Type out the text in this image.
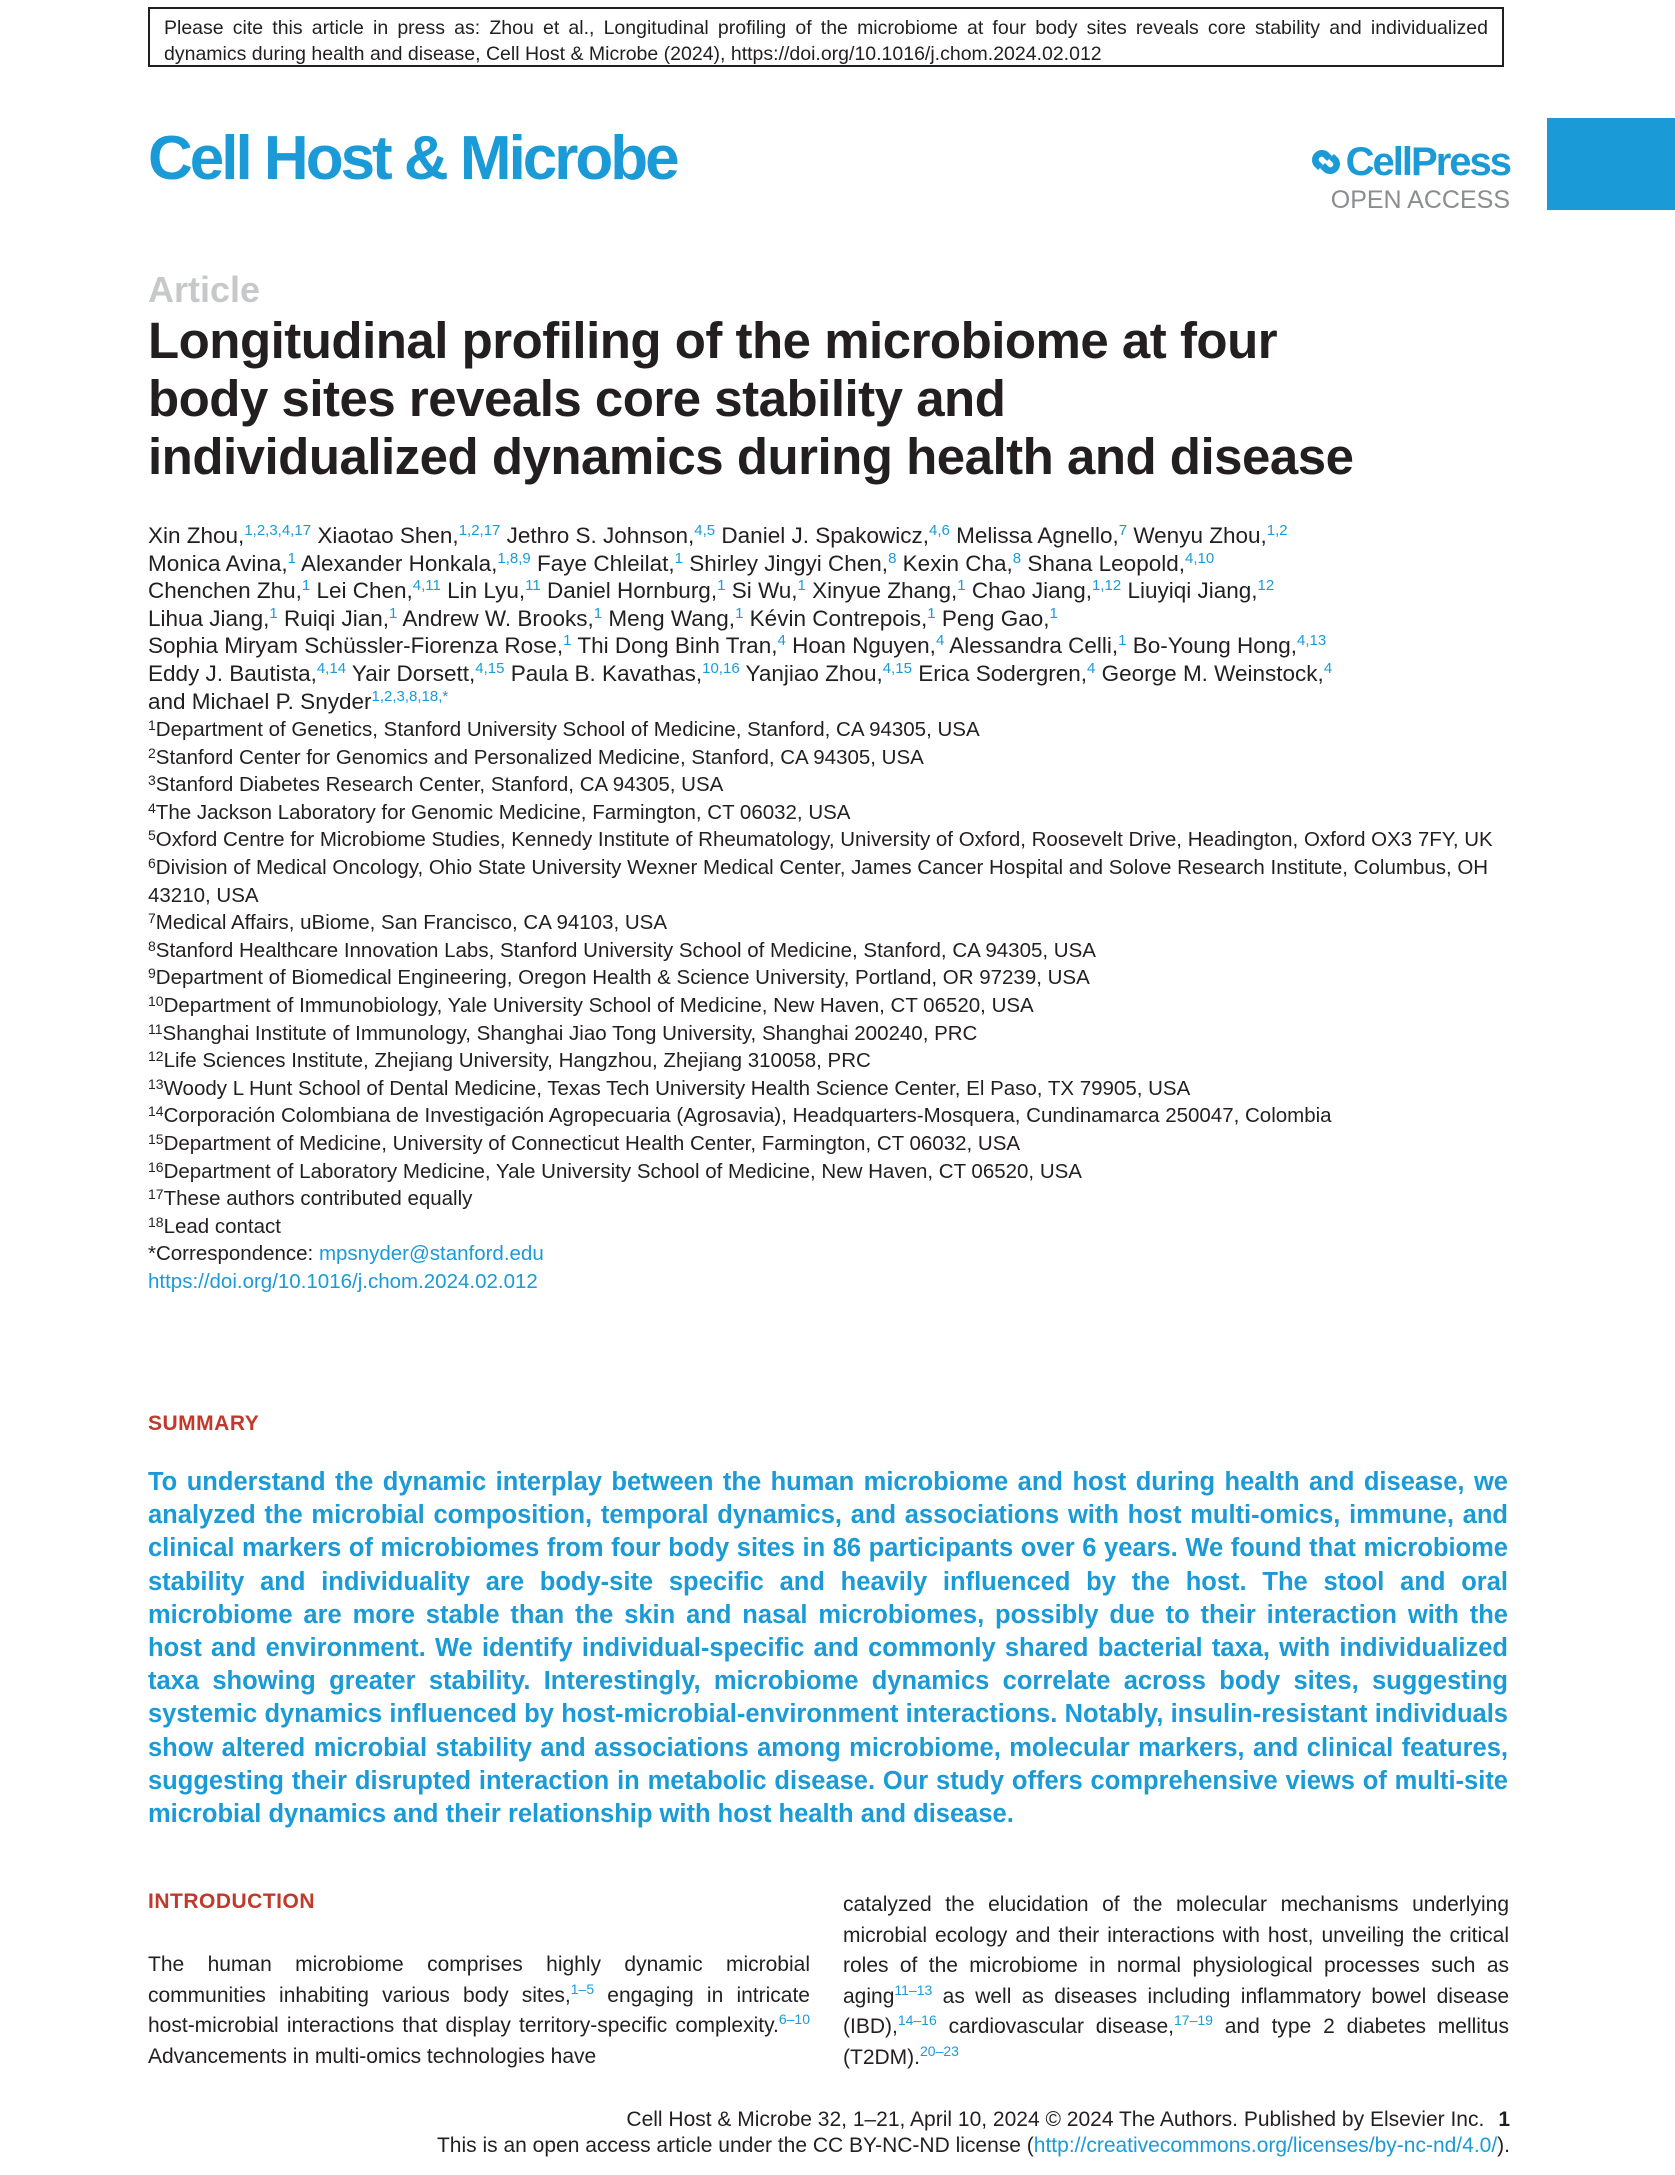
Please cite this article in press as: Zhou et al., Longitudinal profiling of the microbiome at four body sites reveals core stability and individualized dynamics during health and disease, Cell Host & Microbe (2024), https://doi.org/10.1016/j.chom.2024.02.012
Cell Host & Microbe	CellPress
OPEN ACCESS
Article
Longitudinal profiling of the microbiome at four
body sites reveals core stability and
individualized dynamics during health and disease
Xin Zhou,$^{1,2,3,4,17}$ Xiaotao Shen,$^{1,2,17}$ Jethro S. Johnson,$^{4,5}$ Daniel J. Spakowicz,$^{4,6}$ Melissa Agnello,$^7$ Wenyu Zhou,$^{1,2}$
Monica Avina,$^1$ Alexander Honkala,$^{1,8,9}$ Faye Chleilat,$^1$ Shirley Jingyi Chen,$^8$ Kexin Cha,$^8$ Shana Leopold,$^{4,10}$
Chenchen Zhu,$^1$ Lei Chen,$^{4,11}$ Lin Lyu,$^{11}$ Daniel Hornburg,$^1$ Si Wu,$^1$ Xinyue Zhang,$^1$ Chao Jiang,$^{1,12}$ Liuyiqi Jiang,$^{12}$
Lihua Jiang,$^1$ Ruiqi Jian,$^1$ Andrew W. Brooks,$^1$ Meng Wang,$^1$ Kévin Contrepois,$^1$ Peng Gao,$^1$
Sophia Miryam Schüssler-Fiorenza Rose,$^1$ Thi Dong Binh Tran,$^4$ Hoan Nguyen,$^4$ Alessandra Celli,$^1$ Bo-Young Hong,$^{4,13}$
Eddy J. Bautista,$^{4,14}$ Yair Dorsett,$^{4,15}$ Paula B. Kavathas,$^{10,16}$ Yanjiao Zhou,$^{4,15}$ Erica Sodergren,$^4$ George M. Weinstock,$^4$
and Michael P. Snyder$^{1,2,3,8,18,*}$
$^1$Department of Genetics, Stanford University School of Medicine, Stanford, CA 94305, USA
$^2$Stanford Center for Genomics and Personalized Medicine, Stanford, CA 94305, USA
$^3$Stanford Diabetes Research Center, Stanford, CA 94305, USA
$^4$The Jackson Laboratory for Genomic Medicine, Farmington, CT 06032, USA
$^5$Oxford Centre for Microbiome Studies, Kennedy Institute of Rheumatology, University of Oxford, Roosevelt Drive, Headington, Oxford OX3 7FY, UK
$^6$Division of Medical Oncology, Ohio State University Wexner Medical Center, James Cancer Hospital and Solove Research Institute, Columbus, OH 43210, USA
$^7$Medical Affairs, uBiome, San Francisco, CA 94103, USA
$^8$Stanford Healthcare Innovation Labs, Stanford University School of Medicine, Stanford, CA 94305, USA
$^9$Department of Biomedical Engineering, Oregon Health & Science University, Portland, OR 97239, USA
$^{10}$Department of Immunobiology, Yale University School of Medicine, New Haven, CT 06520, USA
$^{11}$Shanghai Institute of Immunology, Shanghai Jiao Tong University, Shanghai 200240, PRC
$^{12}$Life Sciences Institute, Zhejiang University, Hangzhou, Zhejiang 310058, PRC
$^{13}$Woody L Hunt School of Dental Medicine, Texas Tech University Health Science Center, El Paso, TX 79905, USA
$^{14}$Corporación Colombiana de Investigación Agropecuaria (Agrosavia), Headquarters-Mosquera, Cundinamarca 250047, Colombia
$^{15}$Department of Medicine, University of Connecticut Health Center, Farmington, CT 06032, USA
$^{16}$Department of Laboratory Medicine, Yale University School of Medicine, New Haven, CT 06520, USA
$^{17}$These authors contributed equally
$^{18}$Lead contact
*Correspondence: mpsnyder@stanford.edu
https://doi.org/10.1016/j.chom.2024.02.012
SUMMARY
To understand the dynamic interplay between the human microbiome and host during health and disease, we analyzed the microbial composition, temporal dynamics, and associations with host multi-omics, immune, and clinical markers of microbiomes from four body sites in 86 participants over 6 years. We found that microbiome stability and individuality are body-site specific and heavily influenced by the host. The stool and oral microbiome are more stable than the skin and nasal microbiomes, possibly due to their interaction with the host and environment. We identify individual-specific and commonly shared bacterial taxa, with individualized taxa showing greater stability. Interestingly, microbiome dynamics correlate across body sites, suggesting systemic dynamics influenced by host-microbial-environment interactions. Notably, insulin-resistant individuals show altered microbial stability and associations among microbiome, molecular markers, and clinical features, suggesting their disrupted interaction in metabolic disease. Our study offers comprehensive views of multi-site microbial dynamics and their relationship with host health and disease.
INTRODUCTION
The human microbiome comprises highly dynamic microbial communities inhabiting various body sites,$^{1-5}$ engaging in intricate host-microbial interactions that display territory-specific complexity.$^{6-10}$ Advancements in multi-omics technologies have
catalyzed the elucidation of the molecular mechanisms underlying microbial ecology and their interactions with host, unveiling the critical roles of the microbiome in normal physiological processes such as aging$^{11-13}$ as well as diseases including inflammatory bowel disease (IBD),$^{14-16}$ cardiovascular disease,$^{17-19}$ and type 2 diabetes mellitus (T2DM).$^{20-23}$
Cell Host & Microbe 32, 1–21, April 10, 2024 © 2024 The Authors. Published by Elsevier Inc. 1
This is an open access article under the CC BY-NC-ND license (http://creativecommons.org/licenses/by-nc-nd/4.0/).
